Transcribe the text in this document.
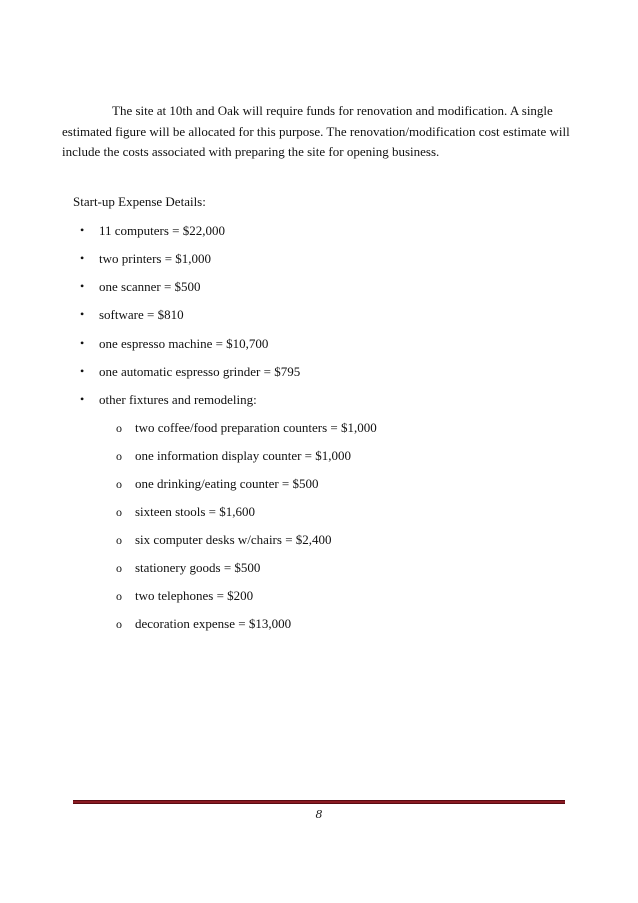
The site at 10th and Oak will require funds for renovation and modification. A single estimated figure will be allocated for this purpose. The renovation/modification cost estimate will include the costs associated with preparing the site for opening business.

Start-up Expense Details:

• 11 computers = $22,000
• two printers = $1,000
• one scanner = $500
• software = $810
• one espresso machine = $10,700
• one automatic espresso grinder = $795
• other fixtures and remodeling:
o two coffee/food preparation counters = $1,000
o one information display counter = $1,000
o one drinking/eating counter = $500
o sixteen stools = $1,600
o six computer desks w/chairs = $2,400
o stationery goods = $500
o two telephones = $200
o decoration expense = $13,000
8
